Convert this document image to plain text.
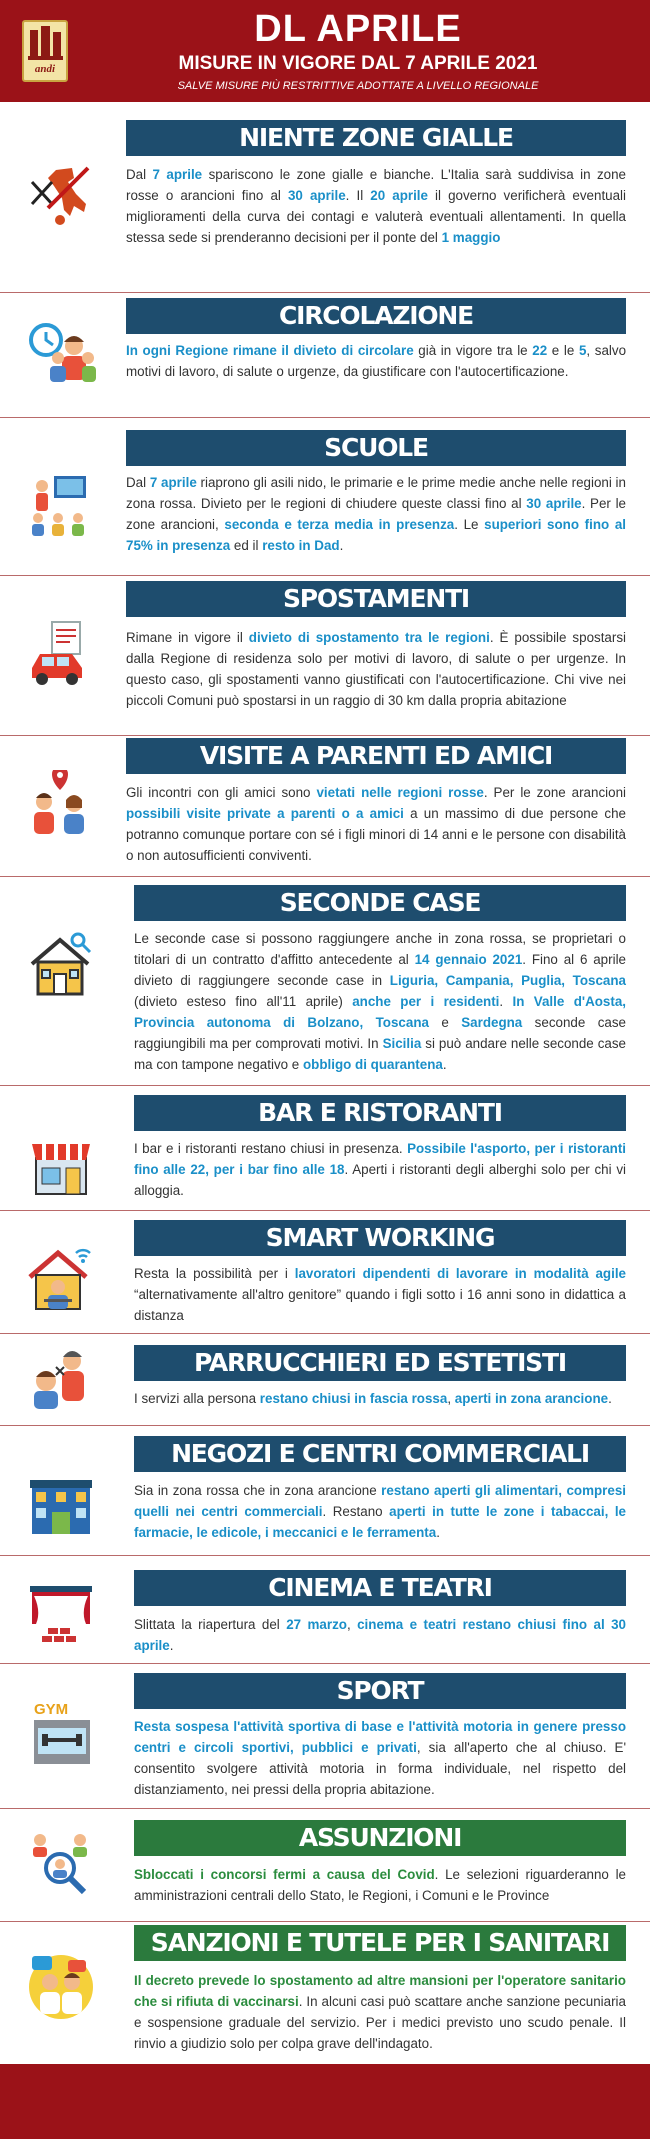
andi
DL APRILE
MISURE IN VIGORE DAL 7 APRILE 2021
SALVE MISURE PIÙ RESTRITTIVE ADOTTATE A LIVELLO REGIONALE
NIENTE ZONE GIALLE
Dal 7 aprile spariscono le zone gialle e bianche. L'Italia sarà suddivisa in zone rosse o arancioni fino al 30 aprile. Il 20 aprile il governo verificherà eventuali miglioramenti della curva dei contagi e valuterà eventuali allentamenti. In quella stessa sede si prenderanno decisioni per il ponte del 1 maggio
CIRCOLAZIONE
In ogni Regione rimane il divieto di circolare già in vigore tra le 22 e le 5, salvo motivi di lavoro, di salute o urgenze, da giustificare con l'autocertificazione.
SCUOLE
Dal 7 aprile riaprono gli asili nido, le primarie e le prime medie anche nelle regioni in zona rossa. Divieto per le regioni di chiudere queste classi fino al 30 aprile. Per le zone arancioni, seconda e terza media in presenza. Le superiori sono fino al 75% in presenza ed il resto in Dad.
SPOSTAMENTI
Rimane in vigore il divieto di spostamento tra le regioni. È possibile spostarsi dalla Regione di residenza solo per motivi di lavoro, di salute o per urgenze. In questo caso, gli spostamenti vanno giustificati con l'autocertificazione. Chi vive nei piccoli Comuni può spostarsi in un raggio di 30 km dalla propria abitazione
VISITE A PARENTI ED AMICI
Gli incontri con gli amici sono vietati nelle regioni rosse. Per le zone arancioni possibili visite private a parenti o a amici a un massimo di due persone che potranno comunque portare con sé i figli minori di 14 anni e le persone con disabilità o non autosufficienti conviventi.
SECONDE CASE
Le seconde case si possono raggiungere anche in zona rossa, se proprietari o titolari di un contratto d'affitto antecedente al 14 gennaio 2021. Fino al 6 aprile divieto di raggiungere seconde case in Liguria, Campania, Puglia, Toscana (divieto esteso fino all'11 aprile) anche per i residenti. In Valle d'Aosta, Provincia autonoma di Bolzano, Toscana e Sardegna seconde case raggiungibili ma per comprovati motivi. In Sicilia si può andare nelle seconde case ma con tampone negativo e obbligo di quarantena.
BAR E RISTORANTI
I bar e i ristoranti restano chiusi in presenza. Possibile l'asporto, per i ristoranti fino alle 22, per i bar fino alle 18. Aperti i ristoranti degli alberghi solo per chi vi alloggia.
SMART WORKING
Resta la possibilità per i lavoratori dipendenti di lavorare in modalità agile “alternativamente all'altro genitore” quando i figli sotto i 16 anni sono in didattica a distanza
PARRUCCHIERI ED ESTETISTI
I servizi alla persona restano chiusi in fascia rossa, aperti in zona arancione.
NEGOZI E CENTRI COMMERCIALI
Sia in zona rossa che in zona arancione restano aperti gli alimentari, compresi quelli nei centri commerciali. Restano aperti in tutte le zone i tabaccai, le farmacie, le edicole, i meccanici e le ferramenta.
CINEMA E TEATRI
Slittata la riapertura del 27 marzo, cinema e teatri restano chiusi fino al 30 aprile.
SPORT
GYM
Resta sospesa l'attività sportiva di base e l'attività motoria in genere presso centri e circoli sportivi, pubblici e privati, sia all'aperto che al chiuso. E' consentito svolgere attività motoria in forma individuale, nel rispetto del distanziamento, nei pressi della propria abitazione.
ASSUNZIONI
Sbloccati i concorsi fermi a causa del Covid. Le selezioni riguarderanno le amministrazioni centrali dello Stato, le Regioni, i Comuni e le Province
SANZIONI E TUTELE PER I SANITARI
Il decreto prevede lo spostamento ad altre mansioni per l'operatore sanitario che si rifiuta di vaccinarsi. In alcuni casi può scattare anche sanzione pecuniaria e sospensione graduale del servizio. Per i medici previsto uno scudo penale. Il rinvio a giudizio solo per colpa grave dell'indagato.
